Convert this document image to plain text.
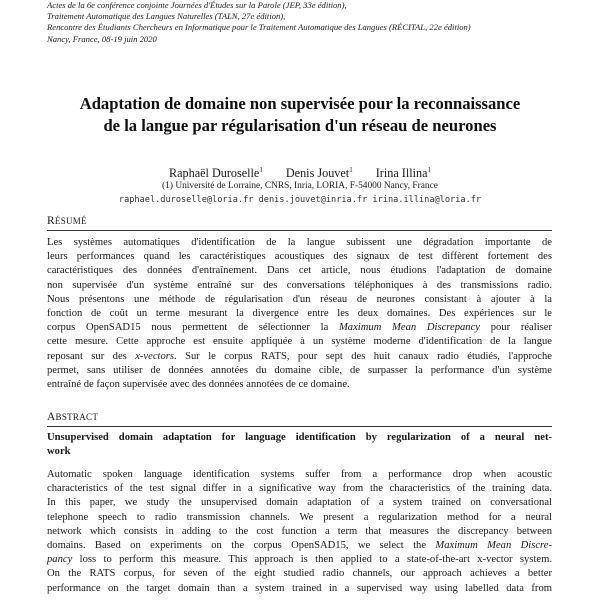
Actes de la 6e conférence conjointe Journées d'Études sur la Parole (JEP, 33e édition),
Traitement Automatique des Langues Naturelles (TALN, 27e édition),
Rencontre des Étudiants Chercheurs en Informatique pour le Traitement Automatique des Langues (RÉCITAL, 22e édition)
Nancy, France, 08-19 juin 2020
Adaptation de domaine non supervisée pour la reconnaissance
de la langue par régularisation d'un réseau de neurones
Raphaël Duroselle$^1$ Denis Jouvet$^1$ Irina Illina$^1$
(1) Université de Lorraine, CNRS, Inria, LORIA, F-54000 Nancy, France
raphael.duroselle@loria.fr denis.jouvet@inria.fr irina.illina@loria.fr
RÉSUMÉ
Les systèmes automatiques d'identification de la langue subissent une dégradation importante de
leurs performances quand les caractéristiques acoustiques des signaux de test diffèrent fortement des
caractéristiques des données d'entraînement. Dans cet article, nous étudions l'adaptation de domaine
non supervisée d'un système entraîné sur des conversations téléphoniques à des transmissions radio.
Nous présentons une méthode de régularisation d'un réseau de neurones consistant à ajouter à la
fonction de coût un terme mesurant la divergence entre les deux domaines. Des expériences sur le
corpus OpenSAD15 nous permettent de sélectionner la Maximum Mean Discrepancy pour réaliser
cette mesure. Cette approche est ensuite appliquée à un système moderne d'identification de la langue
reposant sur des x-vectors. Sur le corpus RATS, pour sept des huit canaux radio étudiés, l'approche
permet, sans utiliser de données annotées du domaine cible, de surpasser la performance d'un système
entraîné de façon supervisée avec des données annotées de ce domaine.
ABSTRACT
Unsupervised domain adaptation for language identification by regularization of a neural net-
work
Automatic spoken language identification systems suffer from a performance drop when acoustic
characteristics of the test signal differ in a significative way from the characteristics of the training data.
In this paper, we study the unsupervised domain adaptation of a system trained on conversational
telephone speech to radio transmission channels. We present a regularization method for a neural
network which consists in adding to the cost function a term that measures the discrepancy between
domains. Based on experiments on the corpus OpenSAD15, we select the Maximum Mean Discre-
pancy loss to perform this measure. This approach is then applied to a state-of-the-art x-vector system.
On the RATS corpus, for seven of the eight studied radio channels, our approach achieves a better
performance on the target domain than a system trained in a supervised way using labelled data from
